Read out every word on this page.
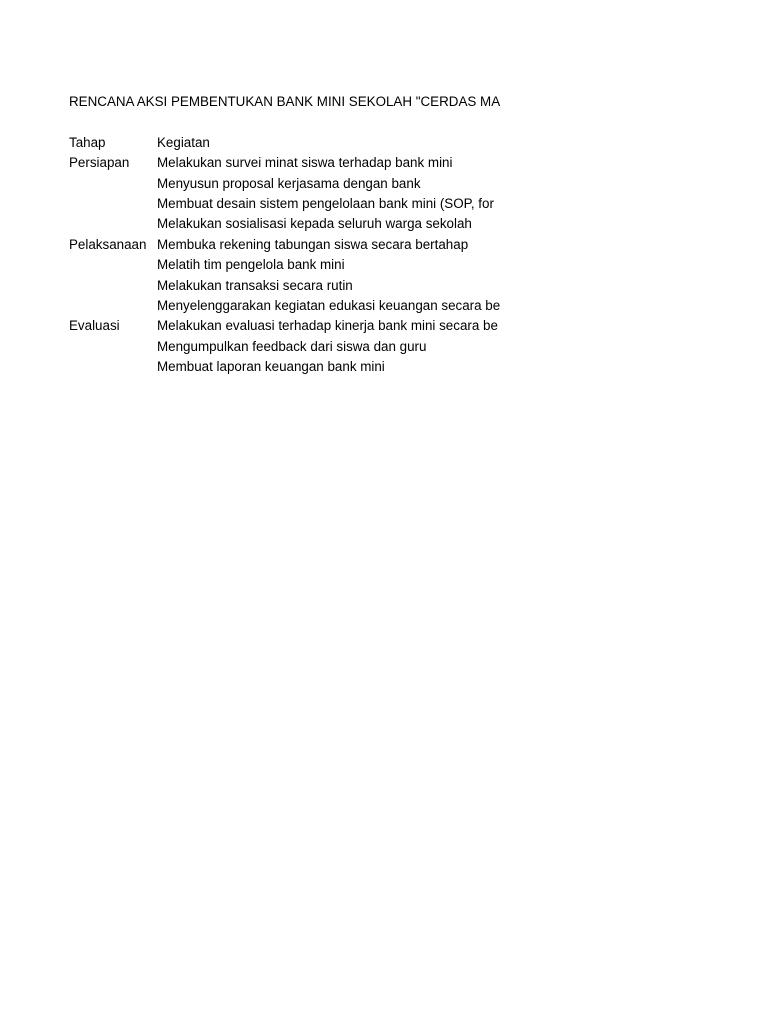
RENCANA AKSI PEMBENTUKAN BANK MINI SEKOLAH "CERDAS MA
Tahap	Kegiatan
Persiapan	Melakukan survei minat siswa terhadap bank mini
Menyusun proposal kerjasama dengan bank
Membuat desain sistem pengelolaan bank mini (SOP, for
Melakukan sosialisasi kepada seluruh warga sekolah
Pelaksanaan Membuka rekening tabungan siswa secara bertahap
Melatih tim pengelola bank mini
Melakukan transaksi secara rutin
Menyelenggarakan kegiatan edukasi keuangan secara be
Evaluasi	Melakukan evaluasi terhadap kinerja bank mini secara be
Mengumpulkan feedback dari siswa dan guru
Membuat laporan keuangan bank mini
